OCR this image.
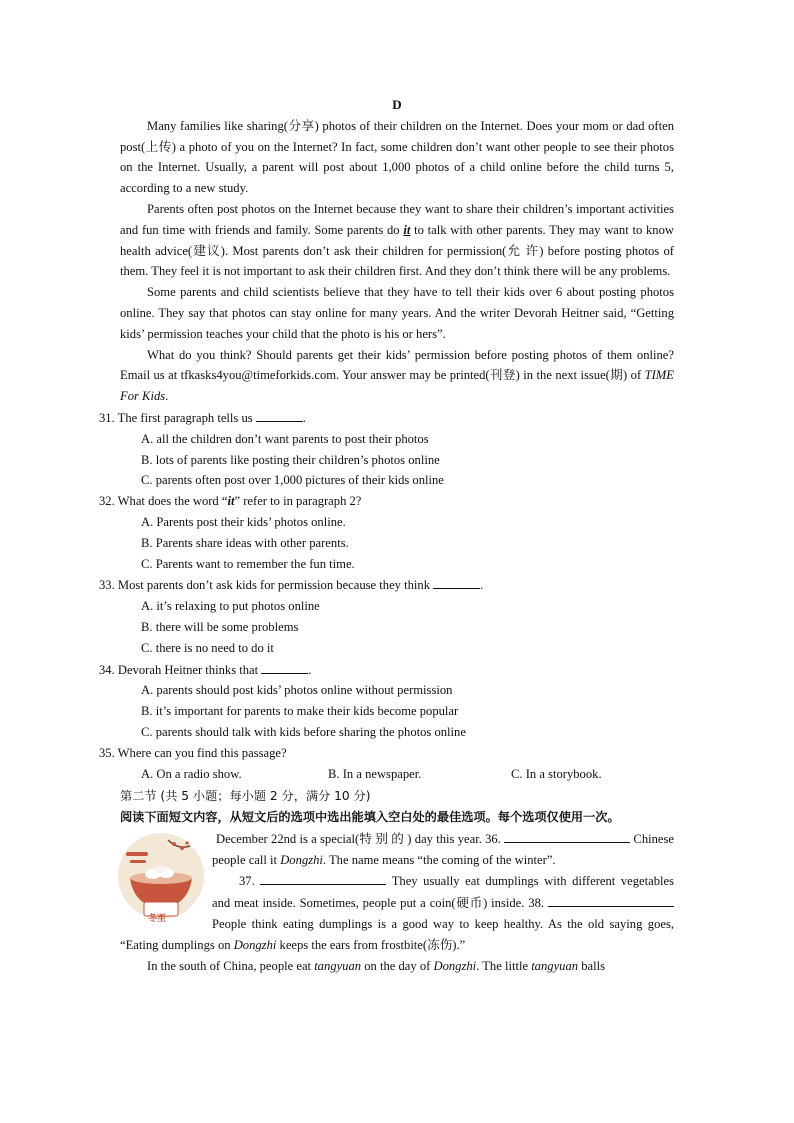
D

Many families like sharing(分享) photos of their children on the Internet. Does your mom or dad often post(上传) a photo of you on the Internet? In fact, some children don’t want other people to see their photos on the Internet. Usually, a parent will post about 1,000 photos of a child online before the child turns 5, according to a new study.

Parents often post photos on the Internet because they want to share their children’s important activities and fun time with friends and family. Some parents do it to talk with other parents. They may want to know health advice(建议). Most parents don’t ask their children for permission(允 许) before posting photos of them. They feel it is not important to ask their children first. And they don’t think there will be any problems.

Some parents and child scientists believe that they have to tell their kids over 6 about posting photos online. They say that photos can stay online for many years. And the writer Devorah Heitner said, “Getting kids’ permission teaches your child that the photo is his or hers”.

What do you think? Should parents get their kids’ permission before posting photos of them online? Email us at tfkasks4you@timeforkids.com. Your answer may be printed(刊登) in the next issue(期) of TIME For Kids.

31. The first paragraph tells us	.

A. all the children don’t want parents to post their photos

B. lots of parents like posting their children’s photos online

C. parents often post over 1,000 pictures of their kids online

32. What does the word “it” refer to in paragraph 2?

A. Parents post their kids’ photos online.

B. Parents share ideas with other parents.

C. Parents want to remember the fun time.

33. Most parents don’t ask kids for permission because they think	.

A. it’s relaxing to put photos online

B. there will be some problems

C. there is no need to do it

34. Devorah Heitner thinks that	.

A. parents should post kids’ photos online without permission

B. it’s important for parents to make their kids become popular

C. parents should talk with kids before sharing the photos online

35. Where can you find this passage?

A. On a radio show.	B. In a newspaper.	C. In a storybook.
第二节 (共 5 小题；每小题 2 分，满分 10 分)
阅读下面短文内容，从短文后的选项中选出能填入空白处的最佳选项。每个选项仅使用一次。
冬至

December 22nd is a special(特 别 的 ) day this year. 36.	Chinese people call it Dongzhi. The name means “the coming of the winter”.

37.	They usually eat dumplings with different vegetables and meat inside. Sometimes, people put a coin(硬币) inside. 38.  People think eating dumplings is a good way to keep healthy. As the old saying goes, “Eating dumplings on Dongzhi keeps the ears from frostbite(冻伤).”

In the south of China, people eat tangyuan on the day of Dongzhi. The little tangyuan balls
